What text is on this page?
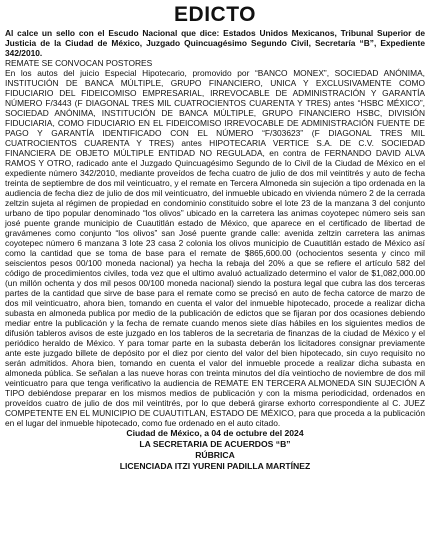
EDICTO

Al calce un sello con el Escudo Nacional que dice: Estados Unidos Mexicanos, Tribunal Superior de Justicia de la Ciudad de México, Juzgado Quincuagésimo Segundo Civil, Secretaría “B”, Expediente 342/2010.

REMATE SE CONVOCAN POSTORES

En los autos del juicio Especial Hipotecario, promovido por “BANCO MONEX”, SOCIEDAD ANÓNIMA, INSTITUCIÓN DE BANCA MÚLTIPLE, GRUPO FINANCIERO, UNICA Y EXCLUSIVAMENTE COMO FIDUCIARIO DEL FIDEICOMISO EMPRESARIAL, IRREVOCABLE DE ADMINISTRACIÓN Y GARANTÍA NÚMERO F/3443 (F DIAGONAL TRES MIL CUATROCIENTOS CUARENTA Y TRES) antes “HSBC MÉXICO”, SOCIEDAD ANÓNIMA, INSTITUCIÓN DE BANCA MÚLTIPLE, GRUPO FINANCIERO HSBC, DIVISIÓN FIDUCIARIA, COMO FIDUCIARIO EN EL FIDEICOMISO IRREVOCABLE DE ADMINISTRACIÓN FUENTE DE PAGO Y GARANTÍA IDENTIFICADO CON EL NÚMERO “F/303623” (F DIAGONAL TRES MIL CUATROCIENTOS CUARENTA Y TRES) antes HIPOTECARIA VERTICE S.A. DE C.V. SOCIEDAD FINANCIERA DE OBJETO MÚLTIPLE ENTIDAD NO REGULADA, en contra de FERNANDO DAVID ALVA RAMOS Y OTRO, radicado ante el Juzgado Quincuagésimo Segundo de lo Civil de la Ciudad de México en el expediente número 342/2010, mediante proveídos de fecha cuatro de julio de dos mil veintitrés y auto de fecha treinta de septiembre de dos mil veinticuatro, y el remate en Tercera Almoneda sin sujeción a tipo ordenada en la audiencia de fecha diez de julio de dos mil veinticuatro, del inmueble ubicado en vivienda número 2 de la cerrada zeltzin sujeta al régimen de propiedad en condominio constituido sobre el lote 23 de la manzana 3 del conjunto urbano de tipo popular denominado “los olivos” ubicado en la carretera las animas coyotepec número seis san josé puente grande municipio de Cuautitlán estado de México, que aparece en el certificado de libertad de gravámenes como conjunto “los olivos” san José puente grande calle: avenida zeltzin carretera las animas coyotepec número 6 manzana 3 lote 23 casa 2 colonia los olivos municipio de Cuautitlán estado de México así como la cantidad que se toma de base para el remate de $865,600.00 (ochocientos sesenta y cinco mil seiscientos pesos 00/100 moneda nacional) ya hecha la rebaja del 20% a que se refiere el artículo 582 del código de procedimientos civiles, toda vez que el ultimo avaluó actualizado determino el valor de $1,082,000.00 (un millón ochenta y dos mil pesos 00/100 moneda nacional) siendo la postura legal que cubra las dos terceras partes de la cantidad que sirve de base para el remate como se precisó en auto de fecha catorce de marzo de dos mil veinticuatro, ahora bien, tomando en cuenta el valor del inmueble hipotecado, procede a realizar dicha subasta en almoneda publica por medio de la publicación de edictos que se fijaran por dos ocasiones debiendo mediar entre la publicación y la fecha de remate cuando menos siete días hábiles en los siguientes medios de difusión tableros avisos de este juzgado en los tableros de la secretaria de finanzas de la ciudad de México y el periódico heraldo de México. Y para tomar parte en la subasta deberán los licitadores consignar previamente ante este juzgado billete de depósito por el diez por ciento del valor del bien hipotecado, sin cuyo requisito no serán admitidos. Ahora bien, tomando en cuenta el valor del inmueble procede a realizar dicha subasta en almoneda pública. Se señalan a las nueve horas con treinta minutos del día veintiocho de noviembre de dos mil veinticuatro para que tenga verificativo la audiencia de REMATE EN TERCERA ALMONEDA SIN SUJECIÓN A TIPO debiéndose preparar en los mismos medios de publicación y con la misma periodicidad, ordenados en proveídos cuatro de julio de dos mil veintitrés, por lo que deberá girarse exhorto correspondiente al C. JUEZ COMPETENTE EN EL MUNICIPIO DE CUAUTITLAN, ESTADO DE MÉXICO, para que proceda a la publicación en el lugar del inmueble hipotecado, como fue ordenado en el auto citado.

Ciudad de México, a 04 de octubre del 2024

LA SECRETARIA DE ACUERDOS “B”

RÚBRICA

LICENCIADA ITZI YURENI PADILLA MARTÍNEZ
